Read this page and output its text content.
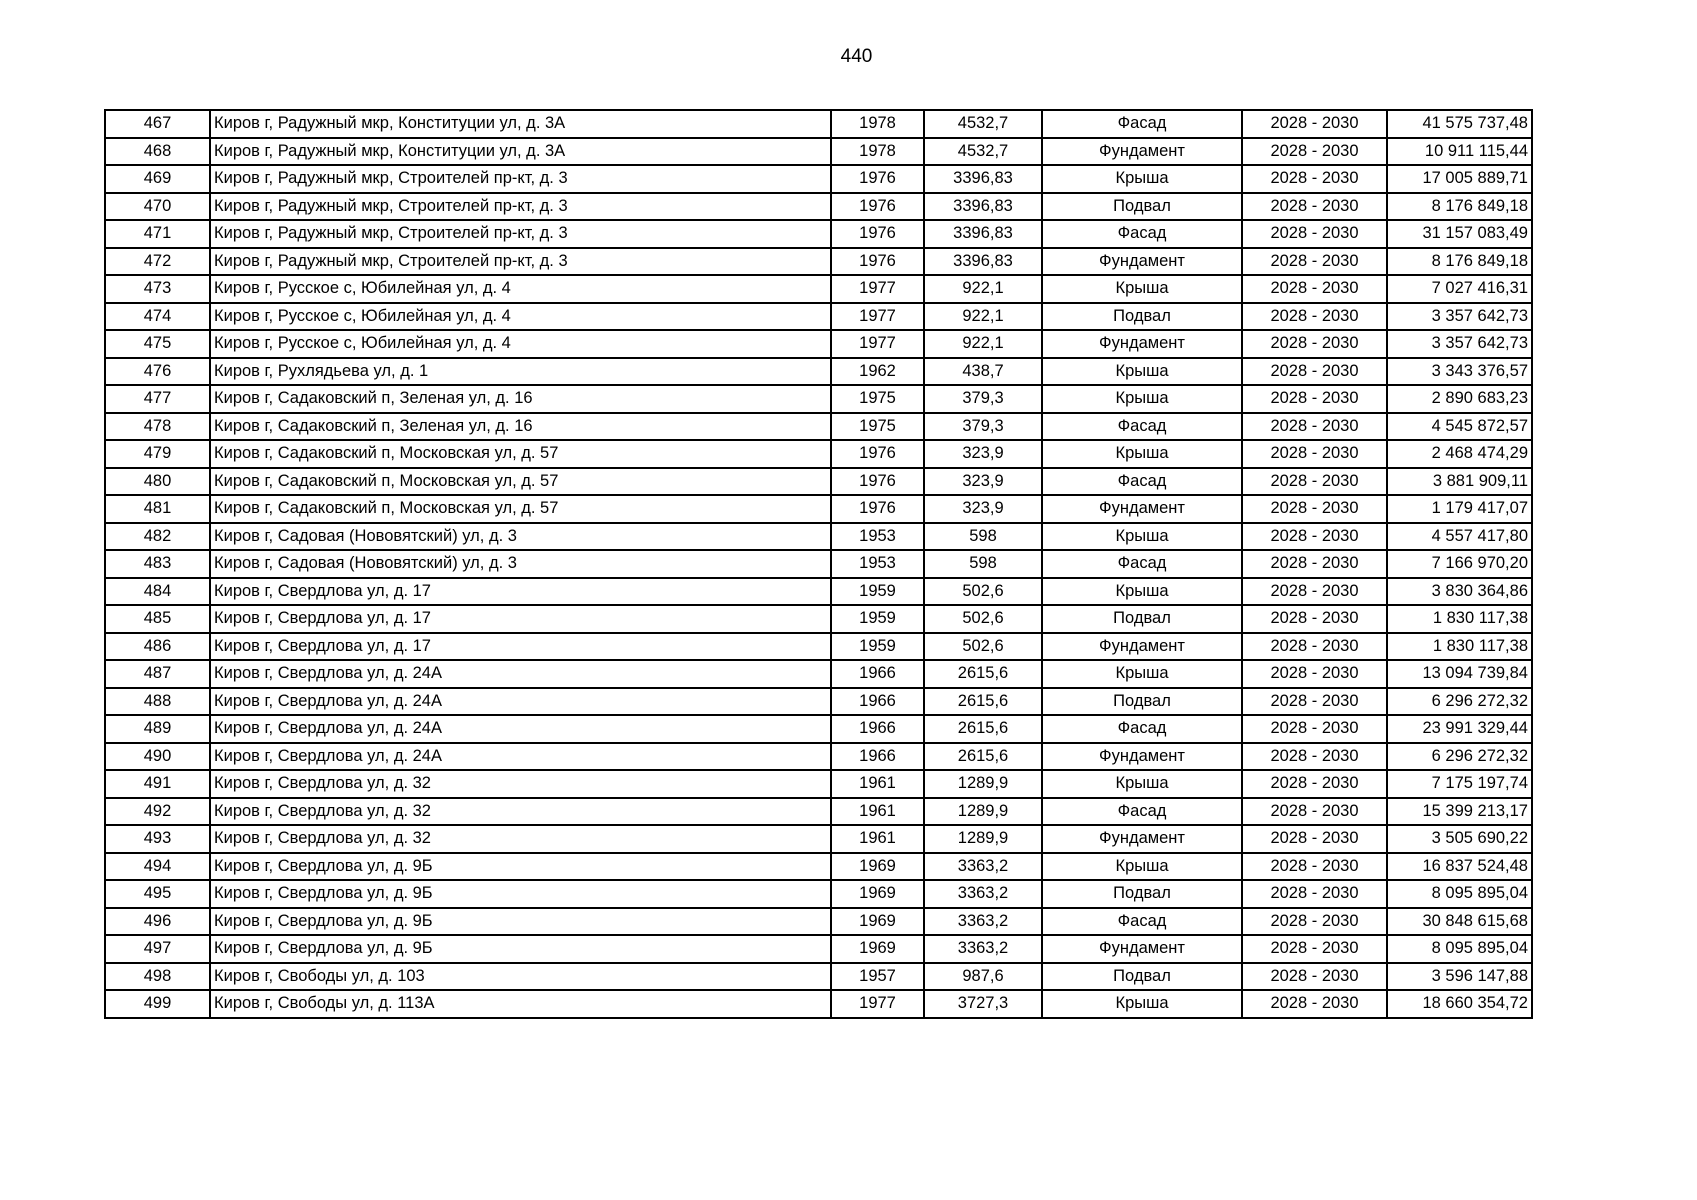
440
467	Киров г, Радужный мкр, Конституции ул, д. 3А	1978	4532,7	Фасад	2028 - 2030	41 575 737,48
468	Киров г, Радужный мкр, Конституции ул, д. 3А	1978	4532,7	Фундамент	2028 - 2030	10 911 115,44
469	Киров г, Радужный мкр, Строителей пр-кт, д. 3	1976	3396,83	Крыша	2028 - 2030	17 005 889,71
470	Киров г, Радужный мкр, Строителей пр-кт, д. 3	1976	3396,83	Подвал	2028 - 2030	8 176 849,18
471	Киров г, Радужный мкр, Строителей пр-кт, д. 3	1976	3396,83	Фасад	2028 - 2030	31 157 083,49
472	Киров г, Радужный мкр, Строителей пр-кт, д. 3	1976	3396,83	Фундамент	2028 - 2030	8 176 849,18
473	Киров г, Русское с, Юбилейная ул, д. 4	1977	922,1	Крыша	2028 - 2030	7 027 416,31
474	Киров г, Русское с, Юбилейная ул, д. 4	1977	922,1	Подвал	2028 - 2030	3 357 642,73
475	Киров г, Русское с, Юбилейная ул, д. 4	1977	922,1	Фундамент	2028 - 2030	3 357 642,73
476	Киров г, Рухлядьева ул, д. 1	1962	438,7	Крыша	2028 - 2030	3 343 376,57
477	Киров г, Садаковский п, Зеленая ул, д. 16	1975	379,3	Крыша	2028 - 2030	2 890 683,23
478	Киров г, Садаковский п, Зеленая ул, д. 16	1975	379,3	Фасад	2028 - 2030	4 545 872,57
479	Киров г, Садаковский п, Московская ул, д. 57	1976	323,9	Крыша	2028 - 2030	2 468 474,29
480	Киров г, Садаковский п, Московская ул, д. 57	1976	323,9	Фасад	2028 - 2030	3 881 909,11
481	Киров г, Садаковский п, Московская ул, д. 57	1976	323,9	Фундамент	2028 - 2030	1 179 417,07
482	Киров г, Садовая (Нововятский) ул, д. 3	1953	598	Крыша	2028 - 2030	4 557 417,80
483	Киров г, Садовая (Нововятский) ул, д. 3	1953	598	Фасад	2028 - 2030	7 166 970,20
484	Киров г, Свердлова ул, д. 17	1959	502,6	Крыша	2028 - 2030	3 830 364,86
485	Киров г, Свердлова ул, д. 17	1959	502,6	Подвал	2028 - 2030	1 830 117,38
486	Киров г, Свердлова ул, д. 17	1959	502,6	Фундамент	2028 - 2030	1 830 117,38
487	Киров г, Свердлова ул, д. 24А	1966	2615,6	Крыша	2028 - 2030	13 094 739,84
488	Киров г, Свердлова ул, д. 24А	1966	2615,6	Подвал	2028 - 2030	6 296 272,32
489	Киров г, Свердлова ул, д. 24А	1966	2615,6	Фасад	2028 - 2030	23 991 329,44
490	Киров г, Свердлова ул, д. 24А	1966	2615,6	Фундамент	2028 - 2030	6 296 272,32
491	Киров г, Свердлова ул, д. 32	1961	1289,9	Крыша	2028 - 2030	7 175 197,74
492	Киров г, Свердлова ул, д. 32	1961	1289,9	Фасад	2028 - 2030	15 399 213,17
493	Киров г, Свердлова ул, д. 32	1961	1289,9	Фундамент	2028 - 2030	3 505 690,22
494	Киров г, Свердлова ул, д. 9Б	1969	3363,2	Крыша	2028 - 2030	16 837 524,48
495	Киров г, Свердлова ул, д. 9Б	1969	3363,2	Подвал	2028 - 2030	8 095 895,04
496	Киров г, Свердлова ул, д. 9Б	1969	3363,2	Фасад	2028 - 2030	30 848 615,68
497	Киров г, Свердлова ул, д. 9Б	1969	3363,2	Фундамент	2028 - 2030	8 095 895,04
498	Киров г, Свободы ул, д. 103	1957	987,6	Подвал	2028 - 2030	3 596 147,88
499	Киров г, Свободы ул, д. 113А	1977	3727,3	Крыша	2028 - 2030	18 660 354,72
